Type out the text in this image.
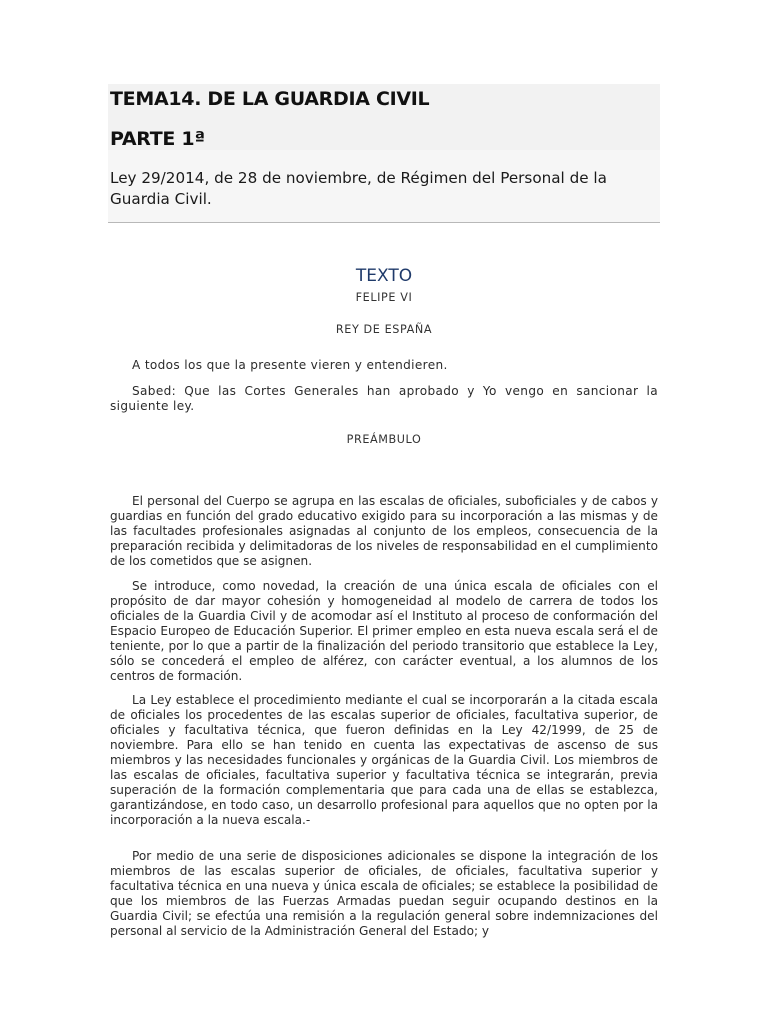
TEMA14. DE LA GUARDIA CIVIL
PARTE 1ª
Ley 29/2014, de 28 de noviembre, de Régimen del Personal de la Guardia Civil.
TEXTO
FELIPE VI
REY DE ESPAÑA
A todos los que la presente vieren y entendieren.
Sabed: Que las Cortes Generales han aprobado y Yo vengo en sancionar la siguiente ley.
PREÁMBULO
El personal del Cuerpo se agrupa en las escalas de oficiales, suboficiales y de cabos y guardias en función del grado educativo exigido para su incorporación a las mismas y de las facultades profesionales asignadas al conjunto de los empleos, consecuencia de la preparación recibida y delimitadoras de los niveles de responsabilidad en el cumplimiento de los cometidos que se asignen.
Se introduce, como novedad, la creación de una única escala de oficiales con el propósito de dar mayor cohesión y homogeneidad al modelo de carrera de todos los oficiales de la Guardia Civil y de acomodar así el Instituto al proceso de conformación del Espacio Europeo de Educación Superior. El primer empleo en esta nueva escala será el de teniente, por lo que a partir de la finalización del periodo transitorio que establece la Ley, sólo se concederá el empleo de alférez, con carácter eventual, a los alumnos de los centros de formación.
La Ley establece el procedimiento mediante el cual se incorporarán a la citada escala de oficiales los procedentes de las escalas superior de oficiales, facultativa superior, de oficiales y facultativa técnica, que fueron definidas en la Ley 42/1999, de 25 de noviembre. Para ello se han tenido en cuenta las expectativas de ascenso de sus miembros y las necesidades funcionales y orgánicas de la Guardia Civil. Los miembros de las escalas de oficiales, facultativa superior y facultativa técnica se integrarán, previa superación de la formación complementaria que para cada una de ellas se establezca, garantizándose, en todo caso, un desarrollo profesional para aquellos que no opten por la incorporación a la nueva escala.-
Por medio de una serie de disposiciones adicionales se dispone la integración de los miembros de las escalas superior de oficiales, de oficiales, facultativa superior y facultativa técnica en una nueva y única escala de oficiales; se establece la posibilidad de que los miembros de las Fuerzas Armadas puedan seguir ocupando destinos en la Guardia Civil; se efectúa una remisión a la regulación general sobre indemnizaciones del personal al servicio de la Administración General del Estado; y
